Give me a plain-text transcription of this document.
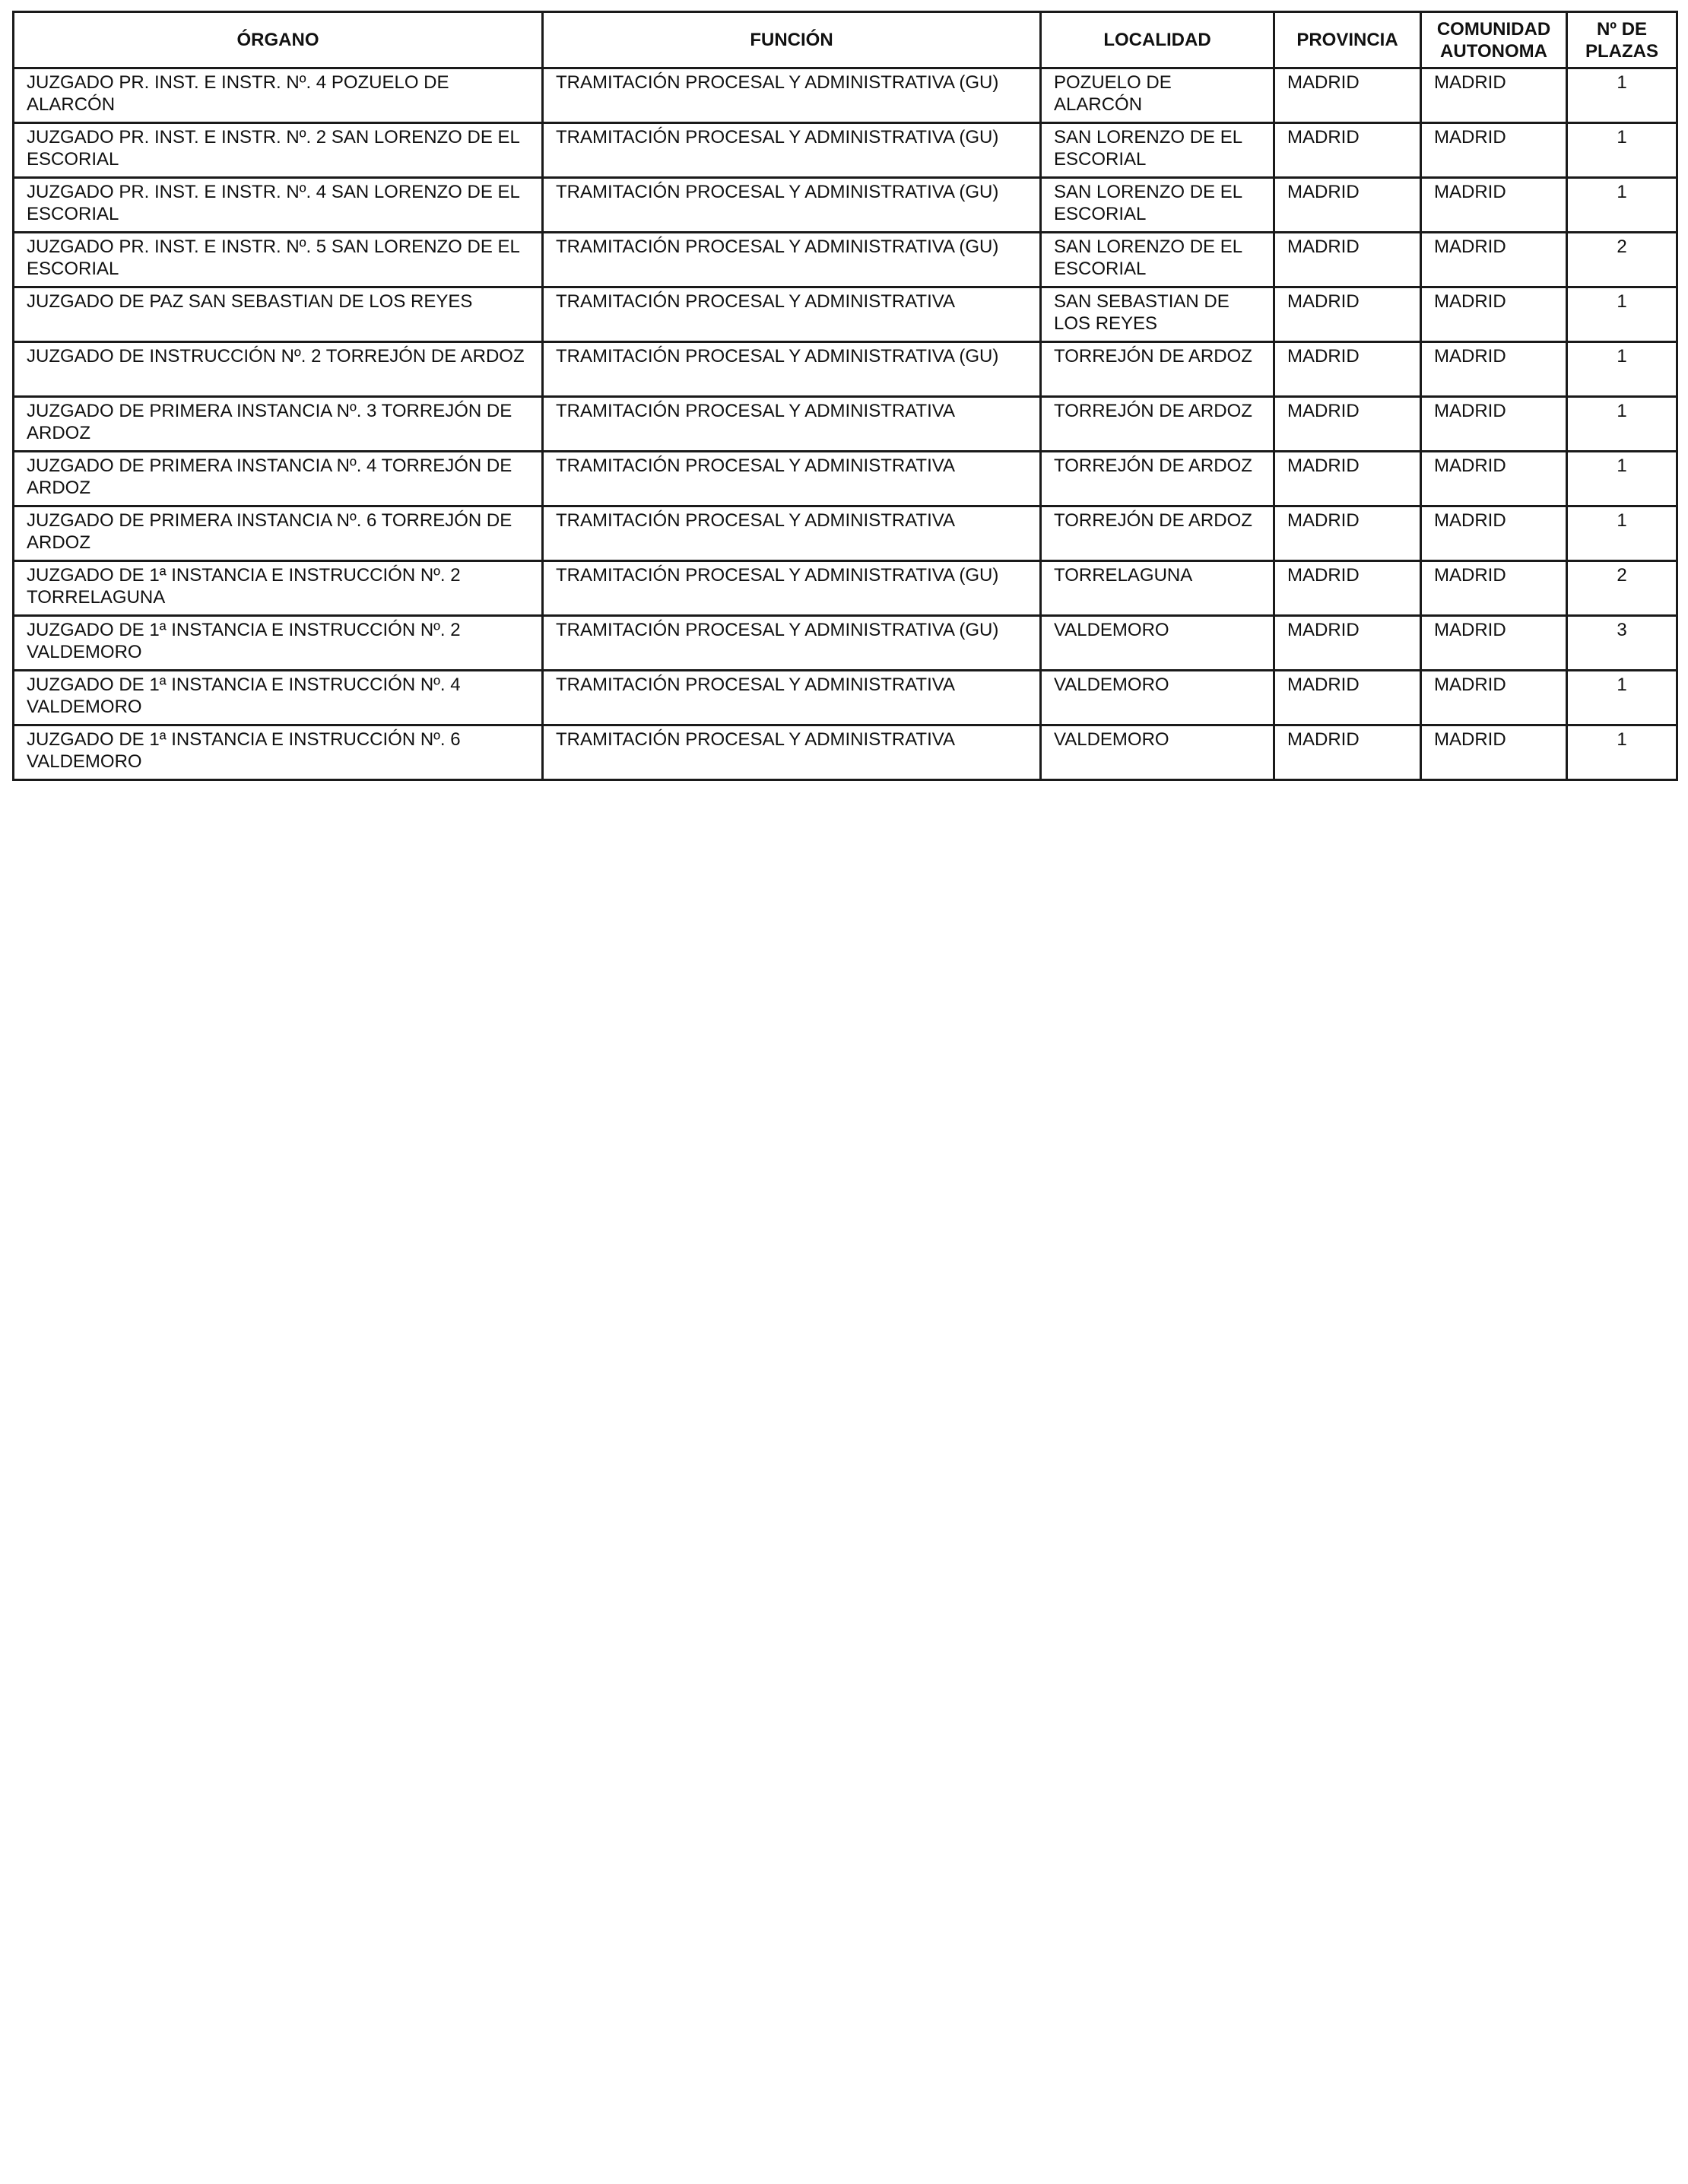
ÓRGANO	FUNCIÓN	LOCALIDAD	PROVINCIA	COMUNIDAD AUTONOMA	Nº DE PLAZAS
JUZGADO PR. INST. E INSTR. Nº. 4 POZUELO DE ALARCÓN	TRAMITACIÓN PROCESAL Y ADMINISTRATIVA (GU)	POZUELO DE ALARCÓN	MADRID	MADRID	1
JUZGADO PR. INST. E INSTR. Nº. 2 SAN LORENZO DE EL ESCORIAL	TRAMITACIÓN PROCESAL Y ADMINISTRATIVA (GU)	SAN LORENZO DE EL ESCORIAL	MADRID	MADRID	1
JUZGADO PR. INST. E INSTR. Nº. 4 SAN LORENZO DE EL ESCORIAL	TRAMITACIÓN PROCESAL Y ADMINISTRATIVA (GU)	SAN LORENZO DE EL ESCORIAL	MADRID	MADRID	1
JUZGADO PR. INST. E INSTR. Nº. 5 SAN LORENZO DE EL ESCORIAL	TRAMITACIÓN PROCESAL Y ADMINISTRATIVA (GU)	SAN LORENZO DE EL ESCORIAL	MADRID	MADRID	2
JUZGADO DE PAZ SAN SEBASTIAN DE LOS REYES	TRAMITACIÓN PROCESAL Y ADMINISTRATIVA	SAN SEBASTIAN DE LOS REYES	MADRID	MADRID	1
JUZGADO DE INSTRUCCIÓN Nº. 2 TORREJÓN DE ARDOZ	TRAMITACIÓN PROCESAL Y ADMINISTRATIVA (GU)	TORREJÓN DE ARDOZ	MADRID	MADRID	1
JUZGADO DE PRIMERA INSTANCIA Nº. 3 TORREJÓN DE ARDOZ	TRAMITACIÓN PROCESAL Y ADMINISTRATIVA	TORREJÓN DE ARDOZ	MADRID	MADRID	1
JUZGADO DE PRIMERA INSTANCIA Nº. 4 TORREJÓN DE ARDOZ	TRAMITACIÓN PROCESAL Y ADMINISTRATIVA	TORREJÓN DE ARDOZ	MADRID	MADRID	1
JUZGADO DE PRIMERA INSTANCIA Nº. 6 TORREJÓN DE ARDOZ	TRAMITACIÓN PROCESAL Y ADMINISTRATIVA	TORREJÓN DE ARDOZ	MADRID	MADRID	1
JUZGADO DE 1ª INSTANCIA E INSTRUCCIÓN Nº. 2 TORRELAGUNA	TRAMITACIÓN PROCESAL Y ADMINISTRATIVA (GU)	TORRELAGUNA	MADRID	MADRID	2
JUZGADO DE 1ª INSTANCIA E INSTRUCCIÓN Nº. 2 VALDEMORO	TRAMITACIÓN PROCESAL Y ADMINISTRATIVA (GU)	VALDEMORO	MADRID	MADRID	3
JUZGADO DE 1ª INSTANCIA E INSTRUCCIÓN Nº. 4 VALDEMORO	TRAMITACIÓN PROCESAL Y ADMINISTRATIVA	VALDEMORO	MADRID	MADRID	1
JUZGADO DE 1ª INSTANCIA E INSTRUCCIÓN Nº. 6 VALDEMORO	TRAMITACIÓN PROCESAL Y ADMINISTRATIVA	VALDEMORO	MADRID	MADRID	1
